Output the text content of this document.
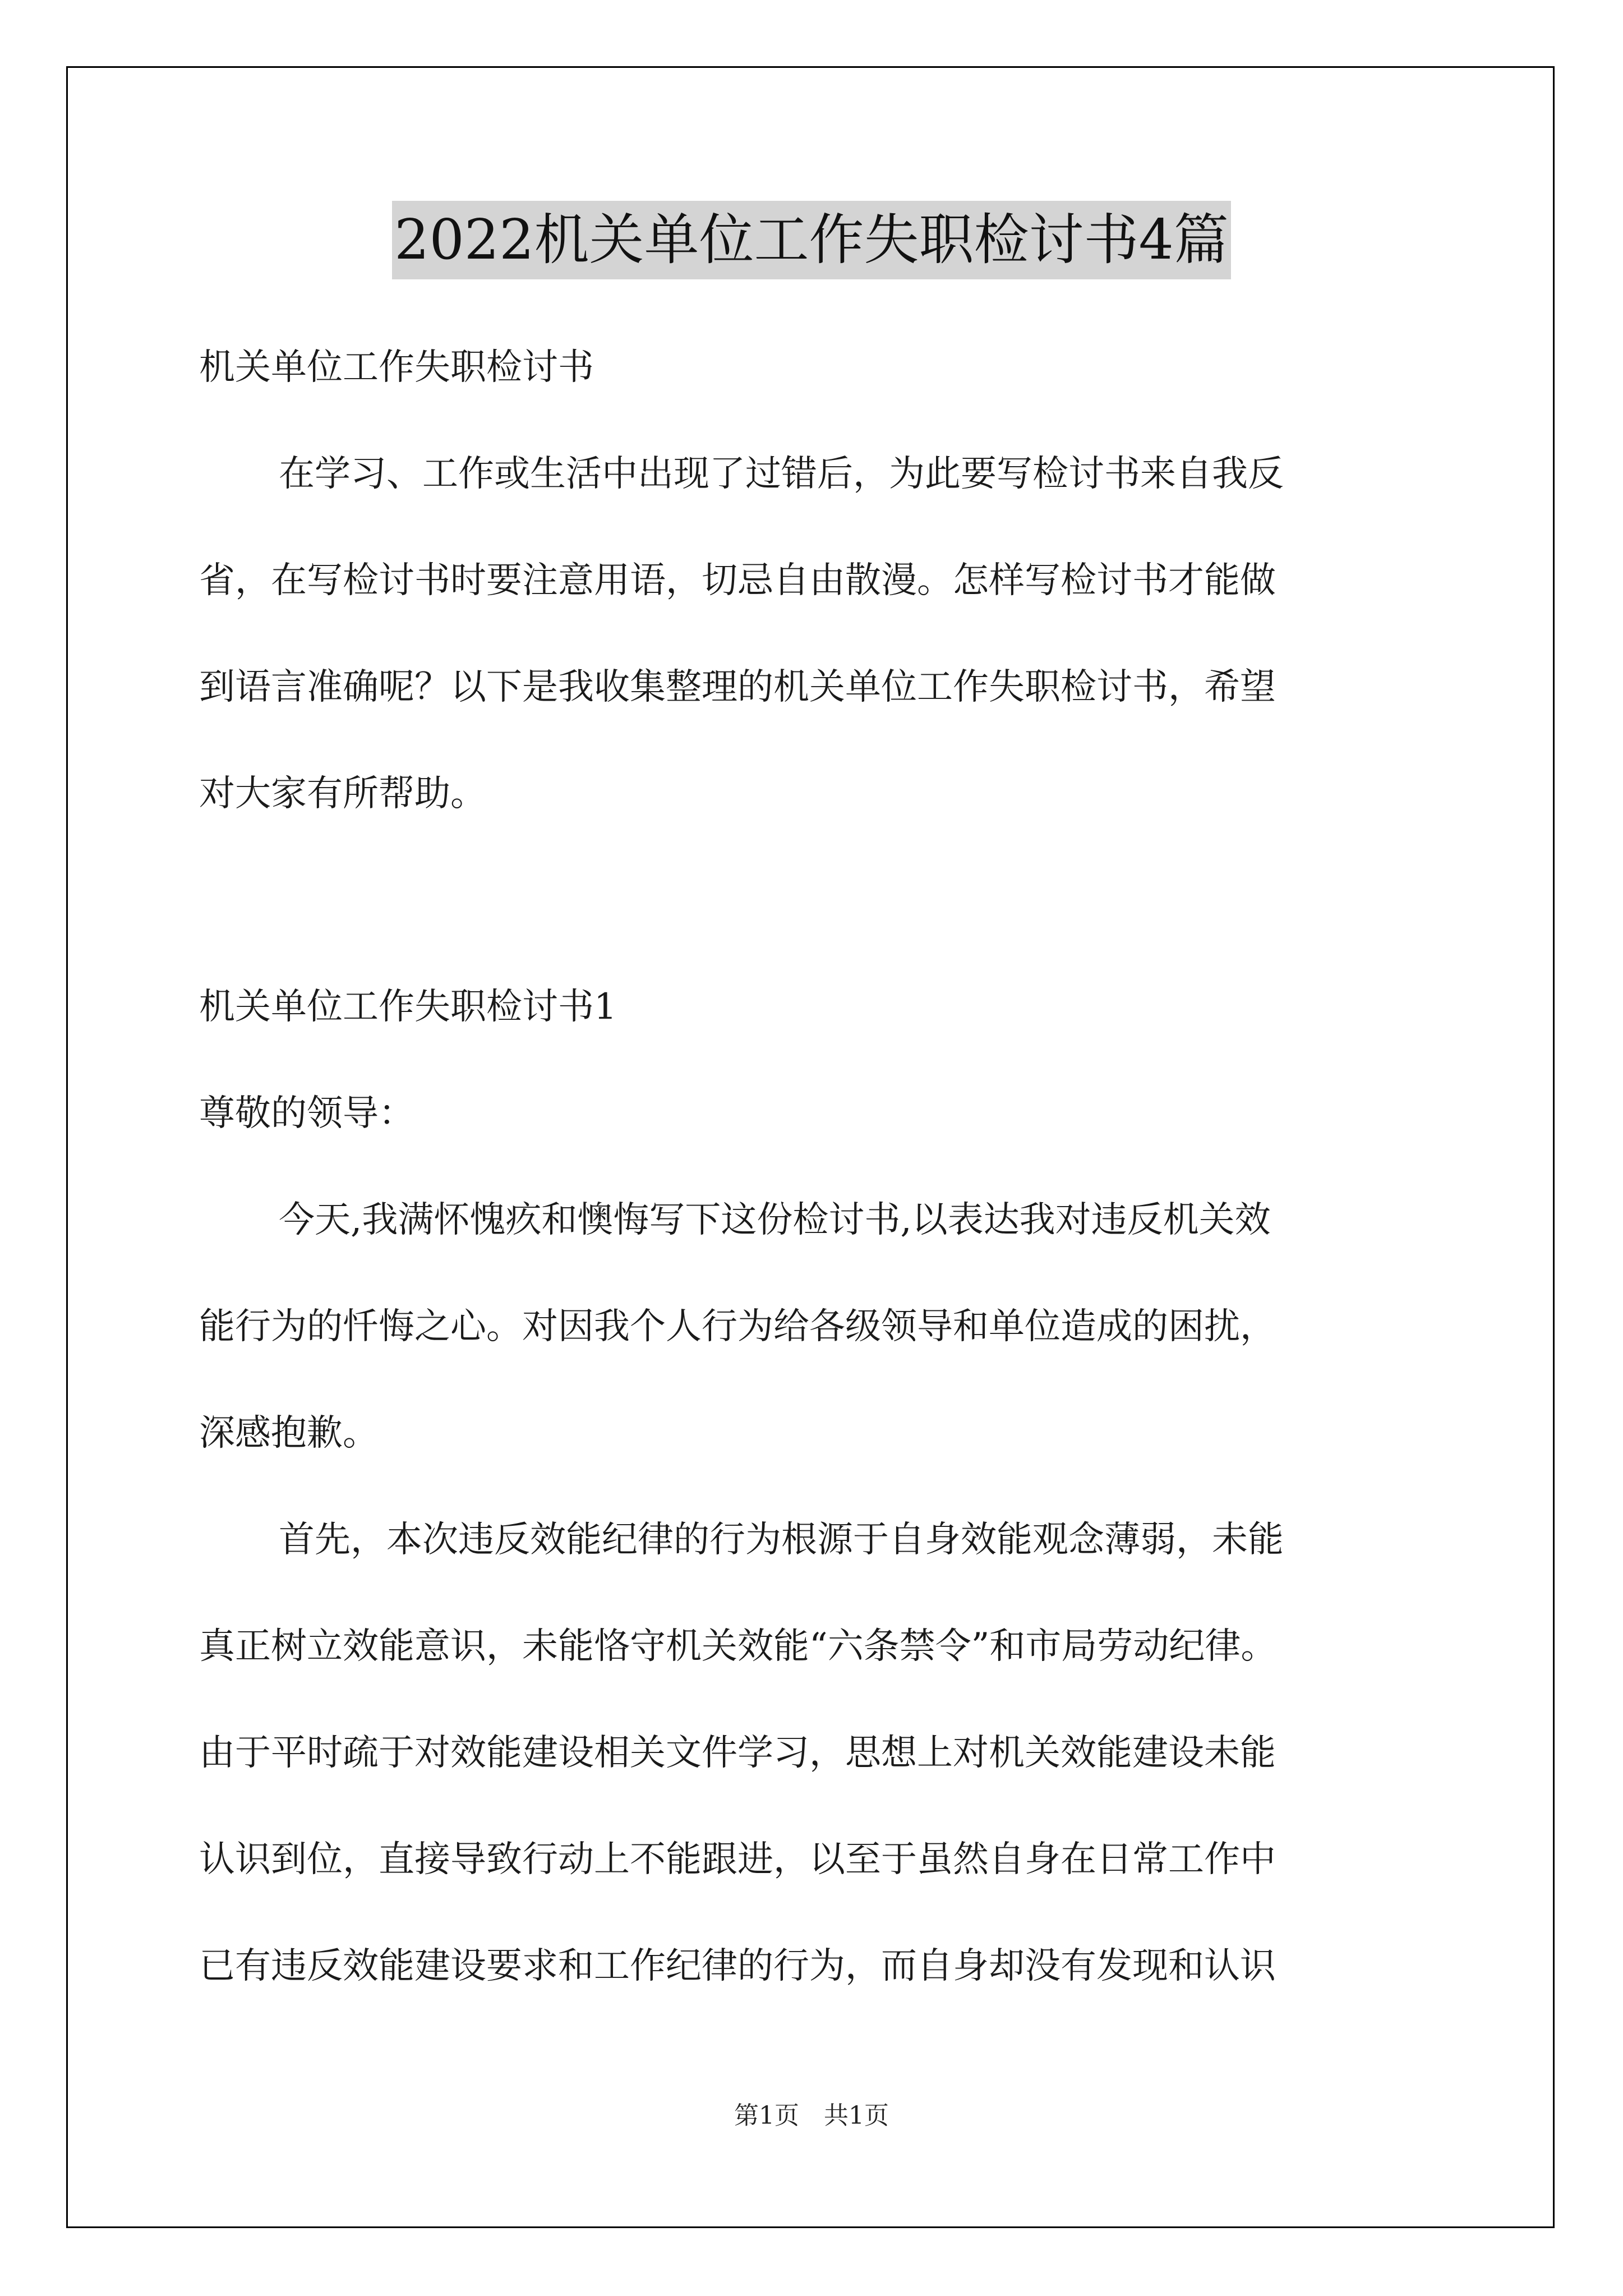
2022机关单位工作失职检讨书4篇
机关单位工作失职检讨书
在学习、工作或生活中出现了过错后，为此要写检讨书来自我反
省，在写检讨书时要注意用语，切忌自由散漫。怎样写检讨书才能做
到语言准确呢？以下是我收集整理的机关单位工作失职检讨书，希望
对大家有所帮助。
机关单位工作失职检讨书1
尊敬的领导：
今天,我满怀愧疚和懊悔写下这份检讨书,以表达我对违反机关效
能行为的忏悔之心。对因我个人行为给各级领导和单位造成的困扰，
深感抱歉。
首先，本次违反效能纪律的行为根源于自身效能观念薄弱，未能
真正树立效能意识，未能恪守机关效能“六条禁令”和市局劳动纪律。
由于平时疏于对效能建设相关文件学习，思想上对机关效能建设未能
认识到位，直接导致行动上不能跟进，以至于虽然自身在日常工作中
已有违反效能建设要求和工作纪律的行为，而自身却没有发现和认识
第1页　共1页
